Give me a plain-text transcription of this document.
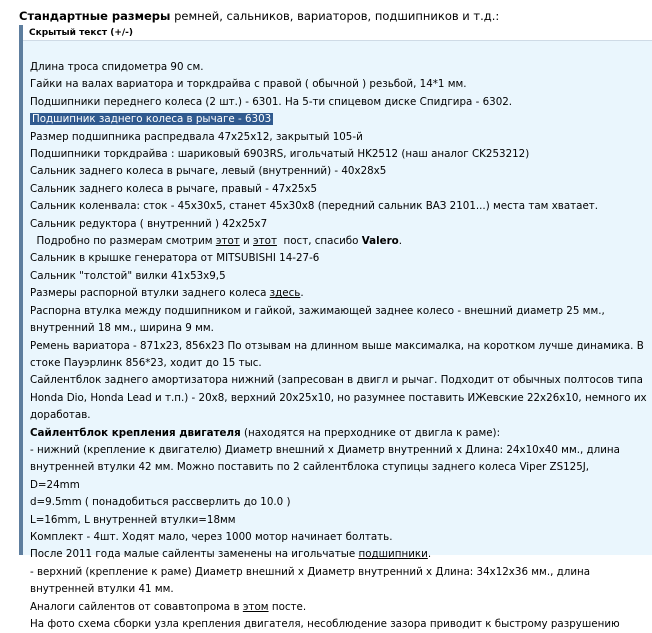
Стандартные размеры ремней, сальников, вариаторов, подшипников и т.д.:
Скрытый текст (+/-)
Длина троса спидометра 90 см.
Гайки на валах вариатора и торкдрайва с правой ( обычной ) резьбой, 14*1 мм.
Подшипники переднего колеса (2 шт.) - 6301. На 5-ти спицевом диске Спидгира - 6302.
Подшипник заднего колеса в рычаге - 6303
Размер подшипника распредвала 47x25x12, закрытый 105-й
Подшипники торкдрайва : шариковый 6903RS, игольчатый HK2512 (наш аналог CK253212)
Сальник заднего колеса в рычаге, левый (внутренний) - 40x28x5
Сальник заднего колеса в рычаге, правый - 47x25x5
Сальник коленвала: сток - 45x30x5, станет 45x30x8 (передний сальник ВАЗ 2101...) места там хватает.
Сальник редуктора ( внутренний ) 42x25x7
Подробно по размерам смотрим этот и этот  пост, спасибо Valero.
Сальник в крышке генератора от MITSUBISHI 14-27-6
Сальник "толстой" вилки 41x53x9,5
Размеры распорной втулки заднего колеса здесь.
Распорна втулка между подшипником и гайкой, зажимающей заднее колесо - внешний диаметр 25 мм., внутренний 18 мм., ширина 9 мм.
Ремень вариатора - 871x23, 856x23 По отзывам на длинном выше максималка, на коротком лучше динамика. В стоке Пауэрлинк 856*23, ходит до 15 тыс.
Сайлентблок заднего амортизатора нижний (запресован в двигл и рычаг. Подходит от обычных полтосов типа Honda Dio, Honda Lead и т.п.) - 20x8, верхний 20x25x10, но разумнее поставить ИЖевские 22x26x10, немного их доработав.
Сайлентблок крепления двигателя (находятся на прерходнике от двигла к раме):
- нижний (крепление к двигателю) Диаметр внешний x Диаметр внутренний x Длина: 24x10x40 мм., длина внутренней втулки 42 мм. Можно поставить по 2 сайлентблока ступицы заднего колеса Viper ZS125J,
D=24mm
d=9.5mm ( понадобиться рассверлить до 10.0 )
L=16mm, L внутренней втулки=18мм
Комплект - 4шт. Ходят мало, через 1000 мотор начинает болтать.
После 2011 года малые сайленты заменены на игольчатые подшипники.
- верхний (крепление к раме) Диаметр внешний x Диаметр внутренний x Длина: 34x12x36 мм., длина внутренней втулки 41 мм.
Аналоги сайлентов от совавтопрома в этом посте.
На фото схема сборки узла крепления двигателя, несоблюдение зазора приводит к быстрому разрушению
